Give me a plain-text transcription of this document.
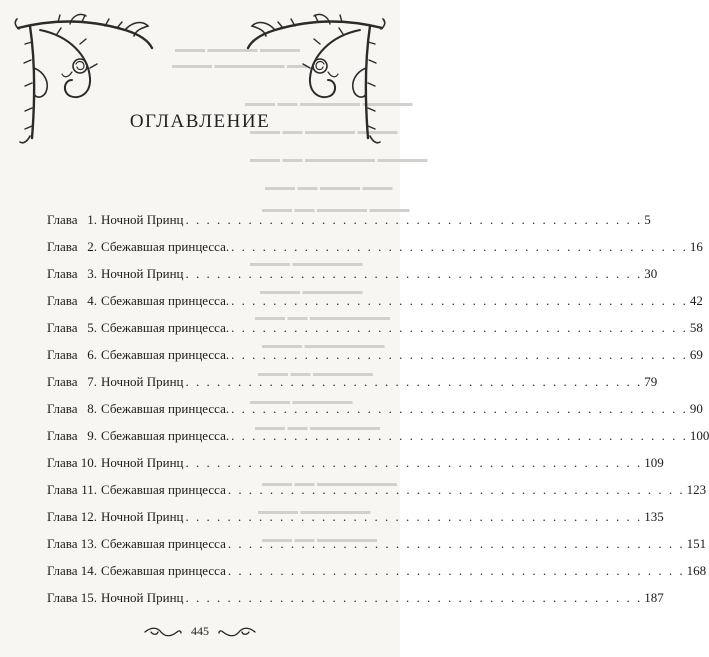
▬▬▬ ▬▬▬▬▬ ▬▬▬▬
▬▬▬▬ ▬▬▬▬▬▬▬ ▬▬
▬▬▬ ▬▬ ▬▬▬▬▬▬ ▬▬▬▬▬
▬▬▬ ▬▬ ▬▬▬▬▬ ▬▬▬▬
▬▬▬ ▬▬ ▬▬▬▬▬▬▬ ▬▬▬▬▬
▬▬▬ ▬▬ ▬▬▬▬ ▬▬▬
▬▬▬ ▬▬ ▬▬▬▬▬ ▬▬▬▬
▬▬▬▬ ▬▬▬▬▬▬▬
▬▬▬▬ ▬▬▬▬▬▬
▬▬▬ ▬▬ ▬▬▬▬▬▬▬▬
▬▬▬▬ ▬▬▬▬▬▬▬▬
▬▬▬ ▬▬ ▬▬▬▬▬▬
▬▬▬▬ ▬▬▬▬▬▬
▬▬▬ ▬▬ ▬▬▬▬▬▬▬
▬▬▬ ▬▬ ▬▬▬▬▬▬▬▬
▬▬▬▬ ▬▬▬▬▬▬▬
▬▬▬ ▬▬ ▬▬▬▬▬▬
оглавление
Глава 1. Ночной Принц . . .	5
Глава 2. Сбежавшая принцесса. . . .	16
Глава 3. Ночной Принц . . .	30
Глава 4. Сбежавшая принцесса. . . .	42
Глава 5. Сбежавшая принцесса. . . .	58
Глава 6. Сбежавшая принцесса. . . .	69
Глава 7. Ночной Принц . . .	79
Глава 8. Сбежавшая принцесса. . . .	90
Глава 9. Сбежавшая принцесса. . . .	100
Глава 10. Ночной Принц . . .	109
Глава 11. Сбежавшая принцесса . . .	123
Глава 12. Ночной Принц . . .	135
Глава 13. Сбежавшая принцесса . . .	151
Глава 14. Сбежавшая принцесса . . .	168
Глава 15. Ночной Принц . . .	187
445
